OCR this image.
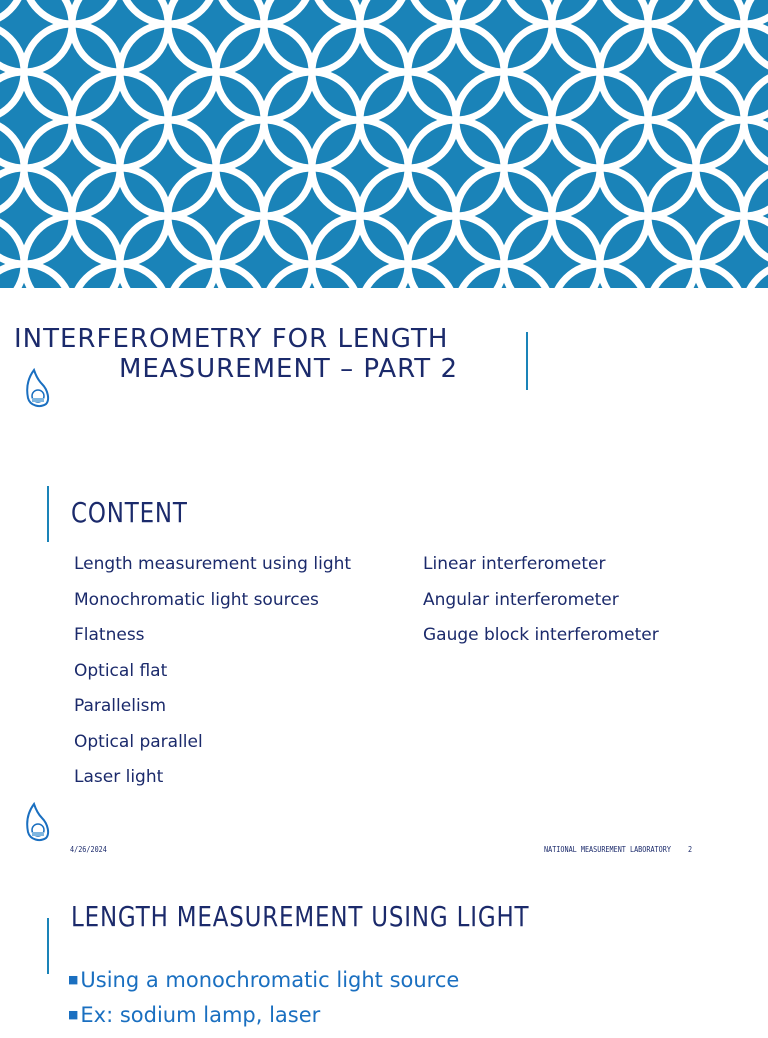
INTERFEROMETRY FOR LENGTH
MEASUREMENT – PART 2
CONTENT
Length measurement using light
Monochromatic light sources
Flatness
Optical flat
Parallelism
Optical parallel
Laser light
Linear interferometer
Angular interferometer
Gauge block interferometer
4/26/2024	NATIONAL MEASUREMENT LABORATORY 2
LENGTH MEASUREMENT USING LIGHT
■Using a monochromatic light source
■Ex: sodium lamp, laser
